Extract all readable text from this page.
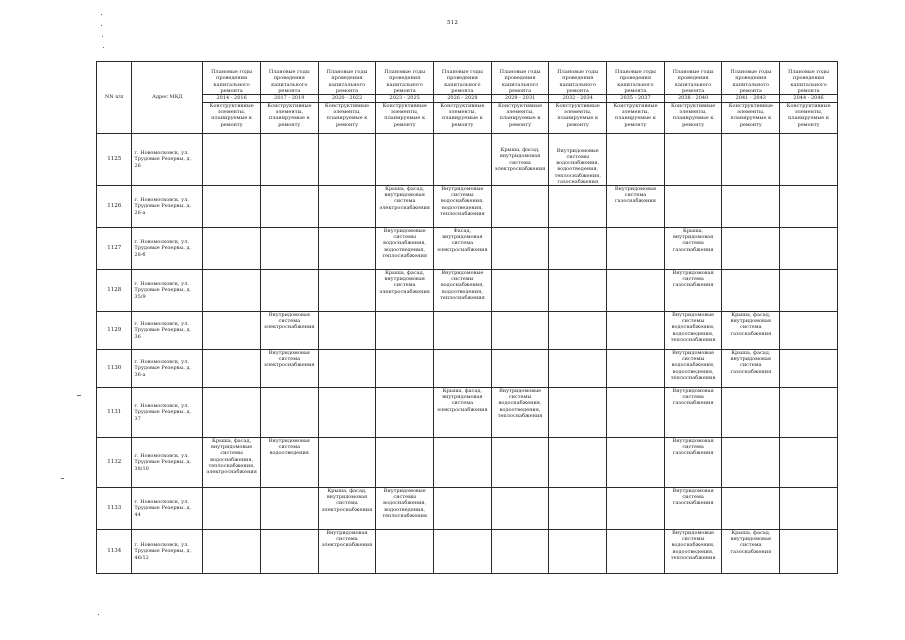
512
NN п/п	Адрес МКД	Плановые годы проведения капитального ремонта	Плановые годы проведения капитального ремонта	Плановые годы проведения капитального ремонта	Плановые годы проведения капитального ремонта	Плановые годы проведения капитального ремонта	Плановые годы проведения капитального ремонта	Плановые годы проведения капитального ремонта	Плановые годы проведения капитального ремонта	Плановые годы проведения капитального ремонта	Плановые годы проведения капитального ремонта	Плановые годы проведения капитального ремонта
		2014 - 2016	2017 - 2019	2020 - 2022	2023 - 2025	2026 - 2028	2029 - 2031	2032 - 2034	2035 - 2037	2038 - 2040	2041 - 2043	2044 - 2046
		Конструктивные элементы, планируемые к ремонту	Конструктивные элементы, планируемые к ремонту	Конструктивные элементы, планируемые к ремонту	Конструктивные элементы, планируемые к ремонту	Конструктивные элементы, планируемые к ремонту	Конструктивные элементы, планируемые к ремонту	Конструктивные элементы, планируемые к ремонту	Конструктивные элементы, планируемые к ремонту	Конструктивные элементы, планируемые к ремонту	Конструктивные элементы, планируемые к ремонту	Конструктивные элементы, планируемые к ремонту
1125	г. Новомосковск, ул. Трудовые Резервы, д. 26						Крыша, фасад, внутридомовая система электроснабжения	Внутридомовые системы водоснабжения, водоотведения, теплоснабжения, газоснабжения				
1126	г. Новомосковск, ул. Трудовые Резервы, д. 26-а				Крыша, фасад, внутридомовая система электроснабжения	Внутридомовые системы водоснабжения, водоотведения, теплоснабжения			Внутридомовая система газоснабжения			
1127	г. Новомосковск, ул. Трудовые Резервы, д. 28-б				Внутридомовые системы водоснабжения, водоотведения, теплоснабжения	Фасад, внутридомовая система электроснабжения				Крыша, внутридомовая система газоснабжения		
1128	г. Новомосковск, ул. Трудовые Резервы, д. 35/9				Крыша, фасад, внутридомовая система электроснабжения	Внутридомовые системы водоснабжения, водоотведения, теплоснабжения				Внутридомовая система газоснабжения		
1129	г. Новомосковск, ул. Трудовые Резервы, д. 36		Внутридомовая система электроснабжения							Внутридомовые системы водоснабжения, водоотведения, теплоснабжения	Крыша, фасад, внутридомовая система газоснабжения	
1130	г. Новомосковск, ул. Трудовые Резервы, д. 36-а		Внутридомовая система электроснабжения							Внутридомовые системы водоснабжения, водоотведения, теплоснабжения	Крыша, фасад, внутридомовая система газоснабжения	
1131	г. Новомосковск, ул. Трудовые Резервы, д. 37					Крыша, фасад, внутридомовая система электроснабжения	Внутридомовые системы водоснабжения, водоотведения, теплоснабжения			Внутридомовая система газоснабжения		
1132	г. Новомосковск, ул. Трудовые Резервы, д. 38/10	Крыша, фасад, внутридомовые системы водоснабжения, теплоснабжения, электроснабжения	Внутридомовая система водоотведения							Внутридомовая система газоснабжения		
1133	г. Новомосковск, ул. Трудовые Резервы, д. 44			Крыша, фасад, внутридомовая система электроснабжения	Внутридомовые системы водоснабжения, водоотведения, теплоснабжения					Внутридомовая система газоснабжения		
1134	г. Новомосковск, ул. Трудовые Резервы, д. 46/12			Внутридомовая система электроснабжения						Внутридомовые системы водоснабжения, водоотведения, теплоснабжения	Крыша, фасад, внутридомовая система газоснабжения	
